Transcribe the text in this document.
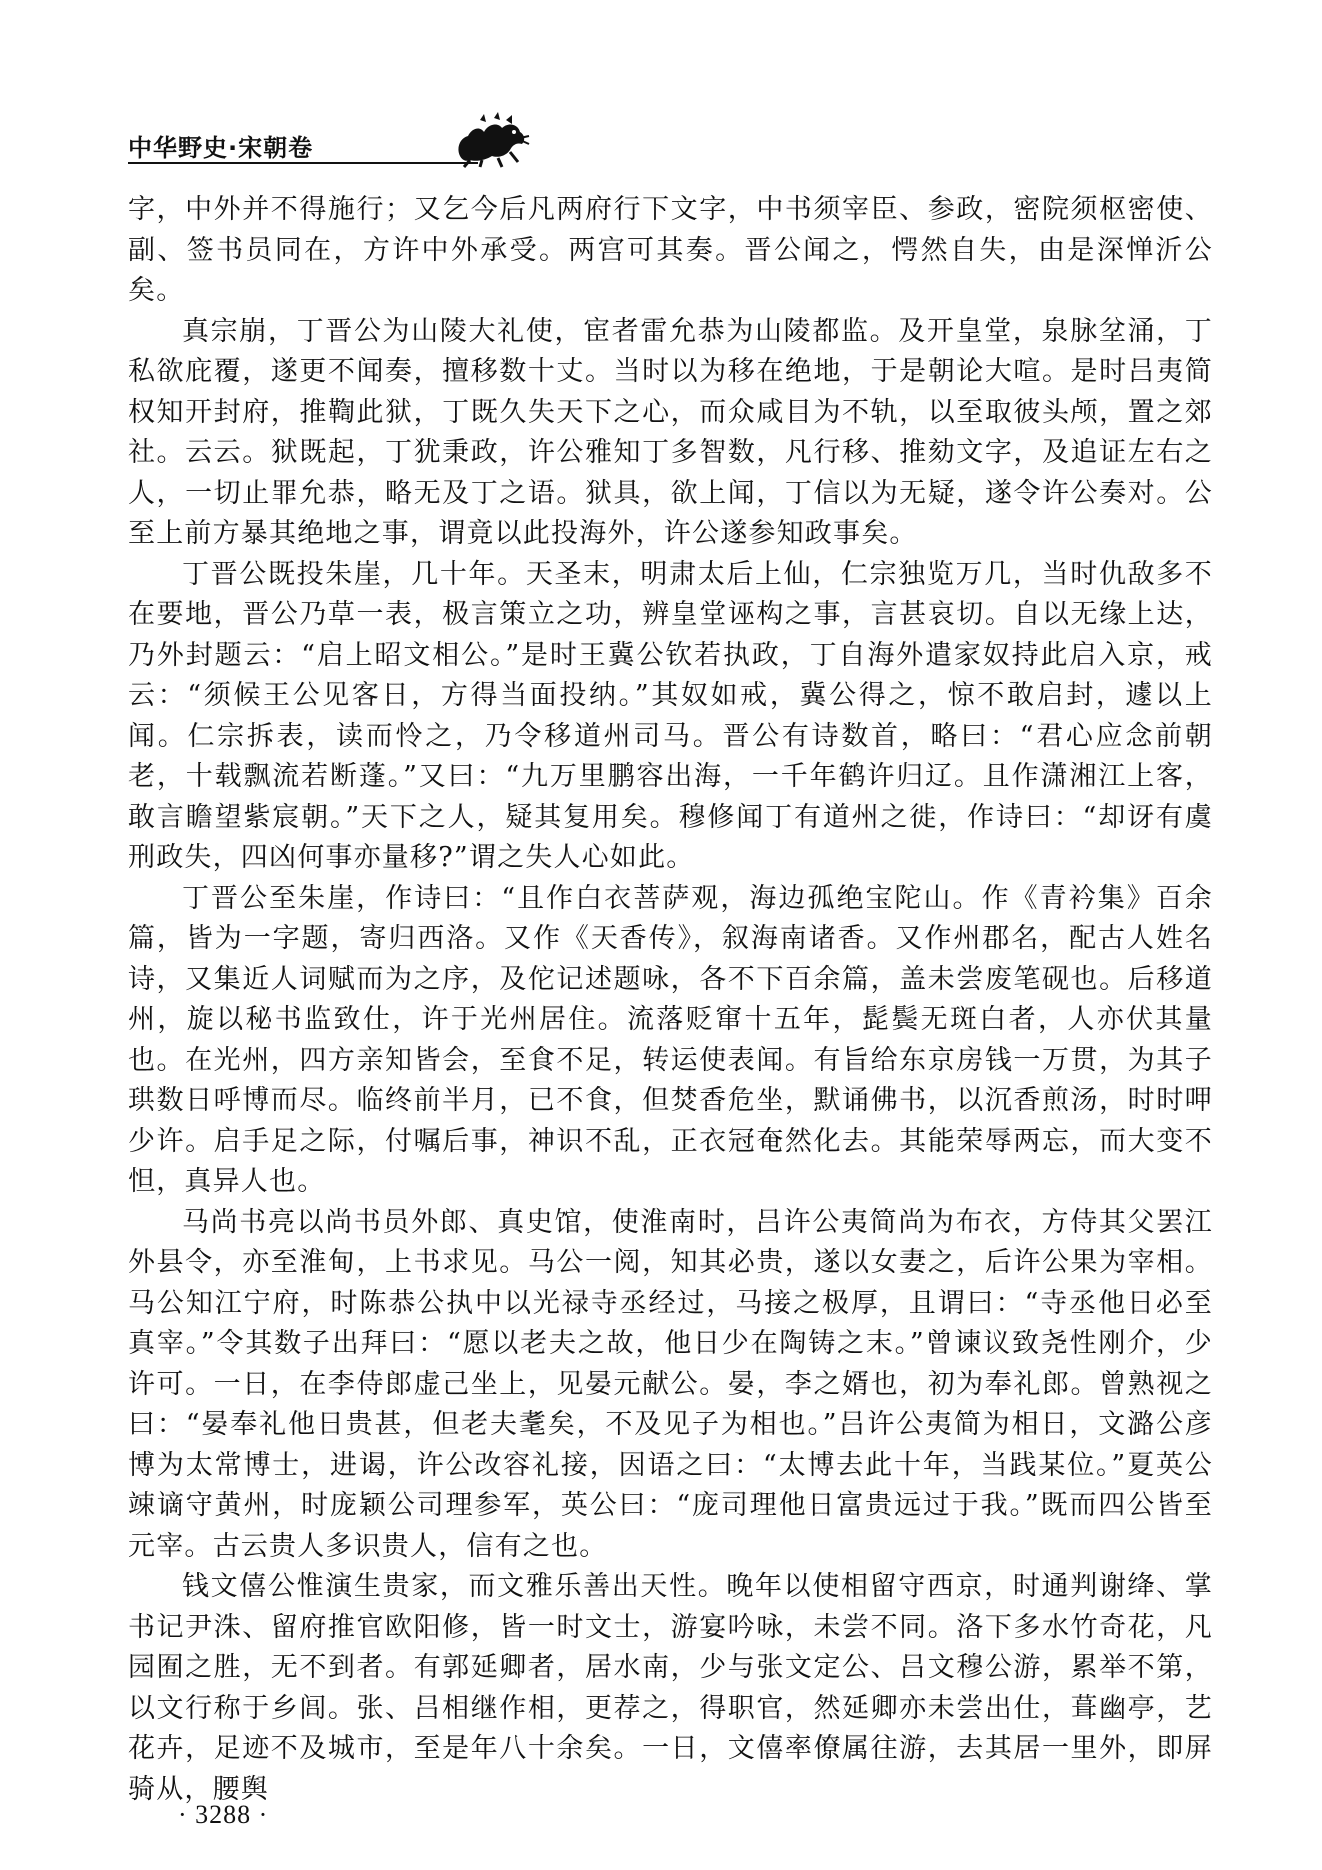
中华野史·宋朝卷

字，中外并不得施行；又乞今后凡两府行下文字，中书须宰臣、参政，密院须枢密使、副、签书员同在，方许中外承受。两宫可其奏。晋公闻之，愕然自失，由是深惮沂公矣。

真宗崩，丁晋公为山陵大礼使，宦者雷允恭为山陵都监。及开皇堂，泉脉坌涌，丁私欲庇覆，遂更不闻奏，擅移数十丈。当时以为移在绝地，于是朝论大喧。是时吕夷简权知开封府，推鞫此狱，丁既久失天下之心，而众咸目为不轨，以至取彼头颅，置之郊社。云云。狱既起，丁犹秉政，许公雅知丁多智数，凡行移、推劾文字，及追证左右之人，一切止罪允恭，略无及丁之语。狱具，欲上闻，丁信以为无疑，遂令许公奏对。公至上前方暴其绝地之事，谓竟以此投海外，许公遂参知政事矣。

丁晋公既投朱崖，几十年。天圣末，明肃太后上仙，仁宗独览万几，当时仇敌多不在要地，晋公乃草一表，极言策立之功，辨皇堂诬构之事，言甚哀切。自以无缘上达，乃外封题云：“启上昭文相公。”是时王冀公钦若执政，丁自海外遣家奴持此启入京，戒云：“须候王公见客日，方得当面投纳。”其奴如戒，冀公得之，惊不敢启封，遽以上闻。仁宗拆表，读而怜之，乃令移道州司马。晋公有诗数首，略曰：“君心应念前朝老，十载飘流若断蓬。”又曰：“九万里鹏容出海，一千年鹤许归辽。且作潇湘江上客，敢言瞻望紫宸朝。”天下之人，疑其复用矣。穆修闻丁有道州之徙，作诗曰：“却讶有虞刑政失，四凶何事亦量移?”谓之失人心如此。

丁晋公至朱崖，作诗曰：“且作白衣菩萨观，海边孤绝宝陀山。作《青衿集》百余篇，皆为一字题，寄归西洛。又作《天香传》，叙海南诸香。又作州郡名，配古人姓名诗，又集近人词赋而为之序，及佗记述题咏，各不下百余篇，盖未尝废笔砚也。后移道州，旋以秘书监致仕，许于光州居住。流落贬窜十五年，髭鬓无斑白者，人亦伏其量也。在光州，四方亲知皆会，至食不足，转运使表闻。有旨给东京房钱一万贯，为其子珙数日呼博而尽。临终前半月，已不食，但焚香危坐，默诵佛书，以沉香煎汤，时时呷少许。启手足之际，付嘱后事，神识不乱，正衣冠奄然化去。其能荣辱两忘，而大变不怛，真异人也。

马尚书亮以尚书员外郎、真史馆，使淮南时，吕许公夷简尚为布衣，方侍其父罢江外县令，亦至淮甸，上书求见。马公一阅，知其必贵，遂以女妻之，后许公果为宰相。马公知江宁府，时陈恭公执中以光禄寺丞经过，马接之极厚，且谓曰：“寺丞他日必至真宰。”令其数子出拜曰：“愿以老夫之故，他日少在陶铸之末。”曾谏议致尧性刚介，少许可。一日，在李侍郎虚己坐上，见晏元献公。晏，李之婿也，初为奉礼郎。曾熟视之曰：“晏奉礼他日贵甚，但老夫耄矣，不及见子为相也。”吕许公夷简为相日，文潞公彦博为太常博士，进谒，许公改容礼接，因语之曰：“太博去此十年，当践某位。”夏英公竦谪守黄州，时庞颖公司理参军，英公曰：“庞司理他日富贵远过于我。”既而四公皆至元宰。古云贵人多识贵人，信有之也。

钱文僖公惟演生贵家，而文雅乐善出天性。晚年以使相留守西京，时通判谢绛、掌书记尹洙、留府推官欧阳修，皆一时文士，游宴吟咏，未尝不同。洛下多水竹奇花，凡园囿之胜，无不到者。有郭延卿者，居水南，少与张文定公、吕文穆公游，累举不第，以文行称于乡闾。张、吕相继作相，更荐之，得职官，然延卿亦未尝出仕，葺幽亭，艺花卉，足迹不及城市，至是年八十余矣。一日，文僖率僚属往游，去其居一里外，即屏骑从，腰舆

· 3288 ·
